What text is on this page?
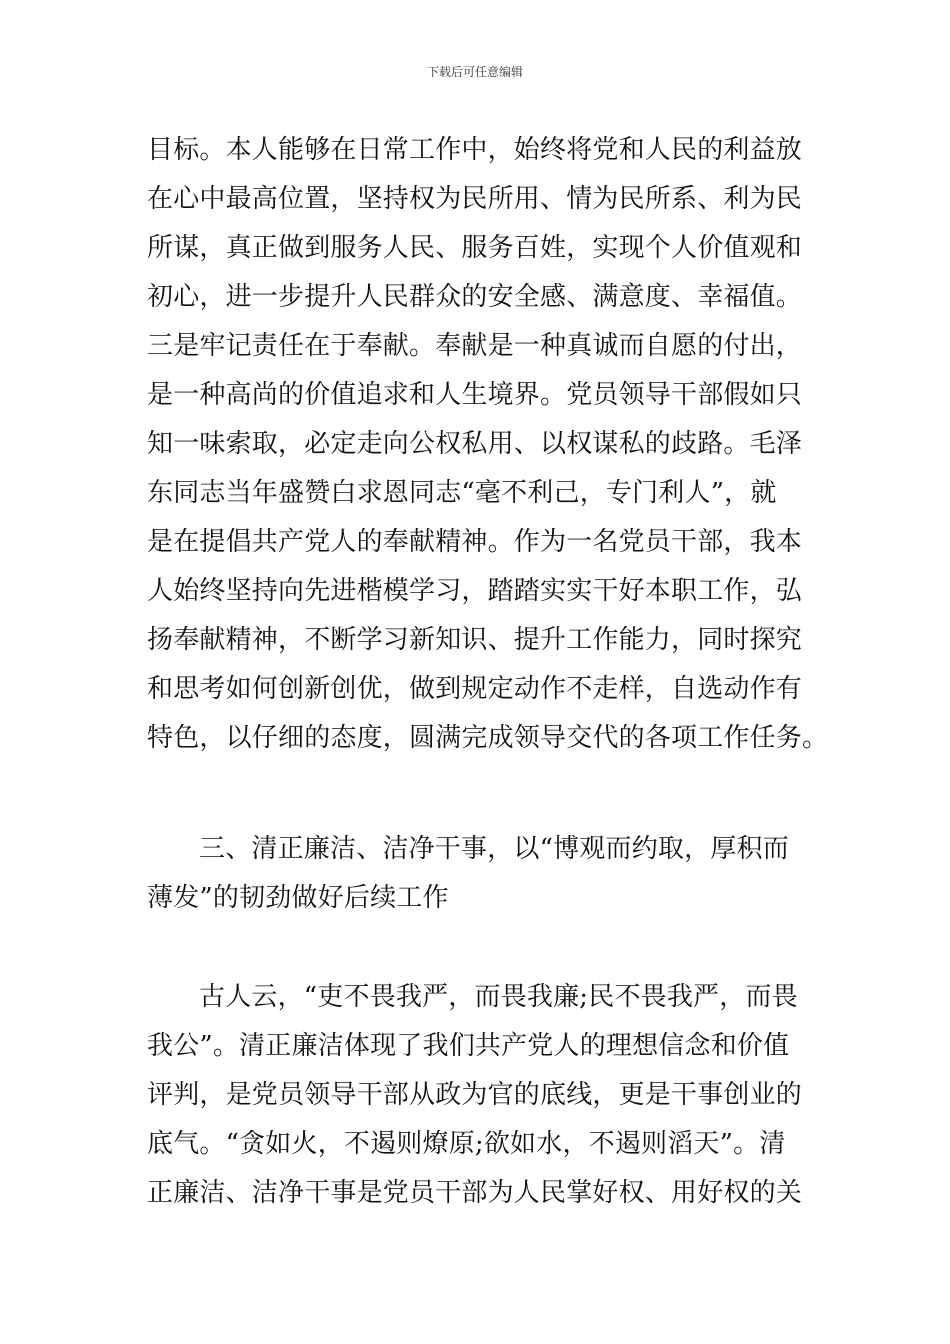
下载后可任意编辑
目标。本人能够在日常工作中，始终将党和人民的利益放
在心中最高位置，坚持权为民所用、情为民所系、利为民
所谋，真正做到服务人民、服务百姓，实现个人价值观和
初心，进一步提升人民群众的安全感、满意度、幸福值。
三是牢记责任在于奉献。奉献是一种真诚而自愿的付出，
是一种高尚的价值追求和人生境界。党员领导干部假如只
知一味索取，必定走向公权私用、以权谋私的歧路。毛泽
东同志当年盛赞白求恩同志“毫不利己，专门利人”，就
是在提倡共产党人的奉献精神。作为一名党员干部，我本
人始终坚持向先进楷模学习，踏踏实实干好本职工作，弘
扬奉献精神，不断学习新知识、提升工作能力，同时探究
和思考如何创新创优，做到规定动作不走样，自选动作有
特色，以仔细的态度，圆满完成领导交代的各项工作任务。
三、清正廉洁、洁净干事，以“博观而约取，厚积而
薄发”的韧劲做好后续工作
古人云，“吏不畏我严，而畏我廉;民不畏我严，而畏
我公”。清正廉洁体现了我们共产党人的理想信念和价值
评判，是党员领导干部从政为官的底线，更是干事创业的
底气。“贪如火，不遏则燎原;欲如水，不遏则滔天”。清
正廉洁、洁净干事是党员干部为人民掌好权、用好权的关
